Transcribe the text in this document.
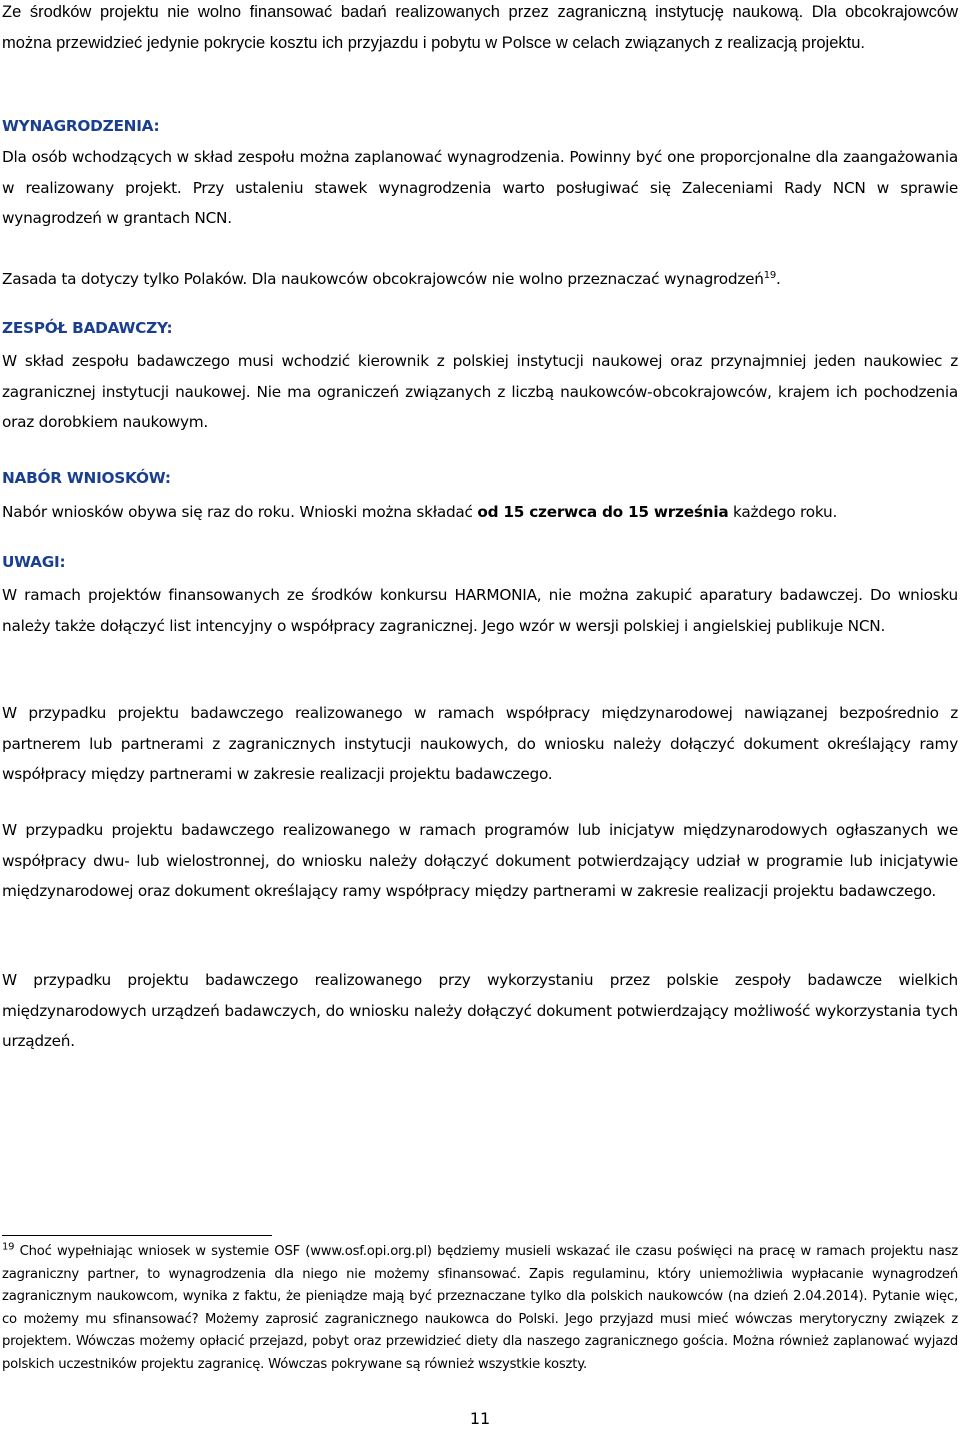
Ze środków projektu nie wolno finansować badań realizowanych przez zagraniczną instytucję naukową. Dla obcokrajowców można przewidzieć jedynie pokrycie kosztu ich przyjazdu i pobytu w Polsce w celach związanych z realizacją projektu.

WYNAGRODZENIA:

Dla osób wchodzących w skład zespołu można zaplanować wynagrodzenia. Powinny być one proporcjonalne dla zaangażowania w realizowany projekt. Przy ustaleniu stawek wynagrodzenia warto posługiwać się Zaleceniami Rady NCN w sprawie wynagrodzeń w grantach NCN.

Zasada ta dotyczy tylko Polaków. Dla naukowców obcokrajowców nie wolno przeznaczać wynagrodzeń$^{19}$.

ZESPÓŁ BADAWCZY:

W skład zespołu badawczego musi wchodzić kierownik z polskiej instytucji naukowej oraz przynajmniej jeden naukowiec z zagranicznej instytucji naukowej. Nie ma ograniczeń związanych z liczbą naukowców-obcokrajowców, krajem ich pochodzenia oraz dorobkiem naukowym.

NABÓR WNIOSKÓW:

Nabór wniosków obywa się raz do roku. Wnioski można składać od 15 czerwca do 15 września każdego roku.

UWAGI:

W ramach projektów finansowanych ze środków konkursu HARMONIA, nie można zakupić aparatury badawczej. Do wniosku należy także dołączyć list intencyjny o współpracy zagranicznej. Jego wzór w wersji polskiej i angielskiej publikuje NCN.

W przypadku projektu badawczego realizowanego w ramach współpracy międzynarodowej nawiązanej bezpośrednio z partnerem lub partnerami z zagranicznych instytucji naukowych, do wniosku należy dołączyć dokument określający ramy współpracy między partnerami w zakresie realizacji projektu badawczego.

W przypadku projektu badawczego realizowanego w ramach programów lub inicjatyw międzynarodowych ogłaszanych we współpracy dwu- lub wielostronnej, do wniosku należy dołączyć dokument potwierdzający udział w programie lub inicjatywie międzynarodowej oraz dokument określający ramy współpracy między partnerami w zakresie realizacji projektu badawczego.

W przypadku projektu badawczego realizowanego przy wykorzystaniu przez polskie zespoły badawcze wielkich międzynarodowych urządzeń badawczych, do wniosku należy dołączyć dokument potwierdzający możliwość wykorzystania tych urządzeń.

$^{19}$ Choć wypełniając wniosek w systemie OSF (www.osf.opi.org.pl) będziemy musieli wskazać ile czasu poświęci na pracę w ramach projektu nasz zagraniczny partner, to wynagrodzenia dla niego nie możemy sfinansować. Zapis regulaminu, który uniemożliwia wypłacanie wynagrodzeń zagranicznym naukowcom, wynika z faktu, że pieniądze mają być przeznaczane tylko dla polskich naukowców (na dzień 2.04.2014). Pytanie więc, co możemy mu sfinansować? Możemy zaprosić zagranicznego naukowca do Polski. Jego przyjazd musi mieć wówczas merytoryczny związek z projektem. Wówczas możemy opłacić przejazd, pobyt oraz przewidzieć diety dla naszego zagranicznego gościa. Można również zaplanować wyjazd polskich uczestników projektu zagranicę. Wówczas pokrywane są również wszystkie koszty.

11
